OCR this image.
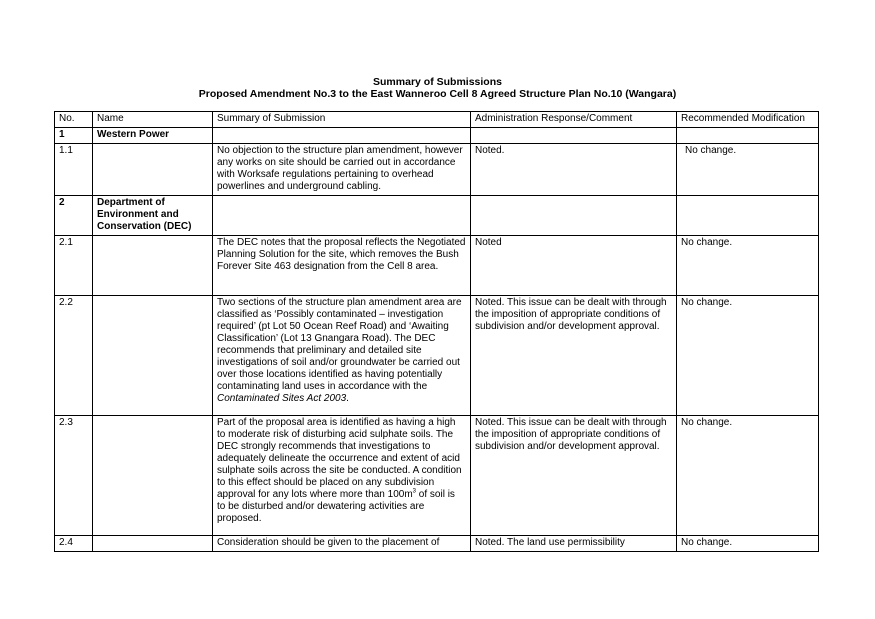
Summary of Submissions
Proposed Amendment No.3 to the East Wanneroo Cell 8 Agreed Structure Plan No.10 (Wangara)
No.	Name	Summary of Submission	Administration Response/Comment	Recommended Modification
1	Western Power			
1.1		No objection to the structure plan amendment, however any works on site should be carried out in accordance with Worksafe regulations pertaining to overhead powerlines and underground cabling.	Noted.	No change.
2	Department of Environment and Conservation (DEC)			
2.1		The DEC notes that the proposal reflects the Negotiated Planning Solution for the site, which removes the Bush Forever Site 463 designation from the Cell 8 area.	Noted	No change.
2.2		Two sections of the structure plan amendment area are classified as ‘Possibly contaminated – investigation required’ (pt Lot 50 Ocean Reef Road) and ‘Awaiting Classification’ (Lot 13 Gnangara Road). The DEC recommends that preliminary and detailed site investigations of soil and/or groundwater be carried out over those locations identified as having potentially contaminating land uses in accordance with the Contaminated Sites Act 2003.	Noted. This issue can be dealt with through the imposition of appropriate conditions of subdivision and/or development approval.	No change.
2.3		Part of the proposal area is identified as having a high to moderate risk of disturbing acid sulphate soils. The DEC strongly recommends that investigations to adequately delineate the occurrence and extent of acid sulphate soils across the site be conducted. A condition to this effect should be placed on any subdivision approval for any lots where more than $100m^3$ of soil is to be disturbed and/or dewatering activities are proposed.	Noted. This issue can be dealt with through the imposition of appropriate conditions of subdivision and/or development approval.	No change.
2.4		Consideration should be given to the placement of	Noted. The land use permissibility	No change.
